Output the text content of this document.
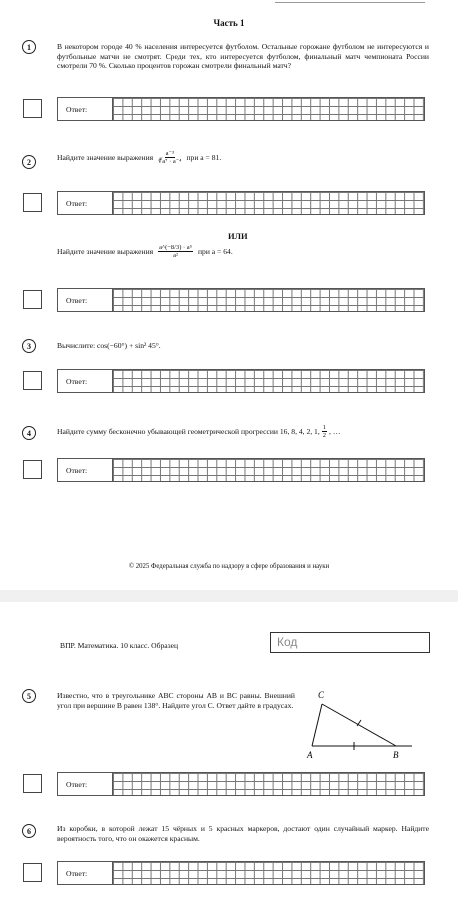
Часть 1
1	В некотором городе 40 % населения интересуется футболом. Остальные горожане футболом не интересуются и футбольные матчи не смотрят. Среди тех, кто интересуется футболом, финальный матч чемпионата России смотрели 70 %. Сколько процентов горожан смотрели финальный матч?
Ответ:
2
Найдите значение выражения $\frac{\text{a⁻³}}{\text{∜a⁷ · a⁻⁴}}$ при a = 81.
Ответ:
ИЛИ
Найдите значение выражения $\frac{\text{a\textasciicircum{}(−8/3) · a⁵}}{\text{a²}}$ при a = 64.
Ответ:
3	Вычислите: cos(−60°) + sin² 45°.
Ответ:
4	Найдите сумму бесконечно убывающей геометрической прогрессии 16, 8, 4, 2, 1, $\frac{1}{2}$ , …
Ответ:
© 2025 Федеральная служба по надзору в сфере образования и науки
ВПР. Математика. 10 класс. Образец	Код
5	Известно, что в треугольнике ABC стороны AB и BC равны. Внешний угол при вершине B равен 138°. Найдите угол C. Ответ дайте в градусах.
C
A	B
Ответ:
6	Из коробки, в которой лежат 15 чёрных и 5 красных маркеров, достают один случайный маркер. Найдите вероятность того, что он окажется красным.
Ответ:
